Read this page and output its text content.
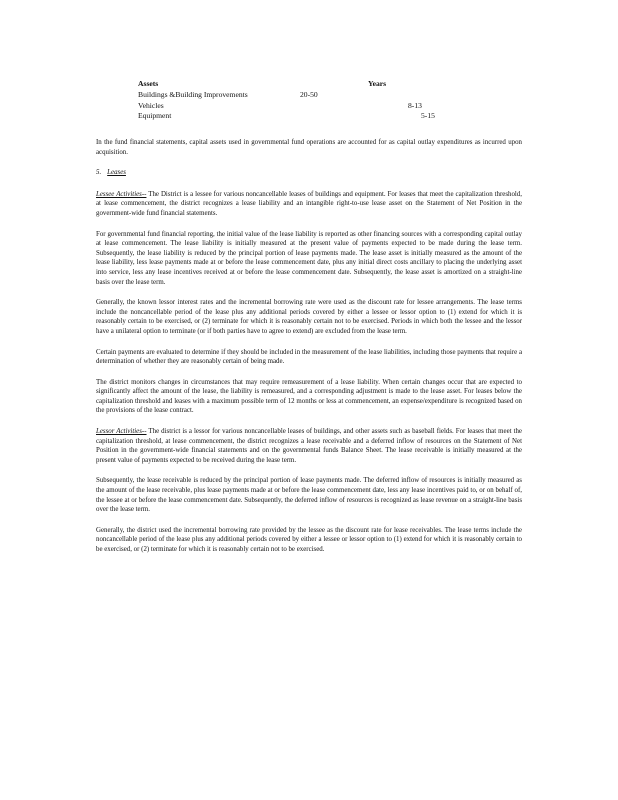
Assets	Years
Buildings &Building Improvements	20-50
Vehicles	8-13
Equipment	5-15

In the fund financial statements, capital assets used in governmental fund operations are accounted for as capital outlay expenditures as incurred upon acquisition.

5. Leases

Lessee Activities-- The District is a lessee for various noncancellable leases of buildings and equipment. For leases that meet the capitalization threshold, at lease commencement, the district recognizes a lease liability and an intangible right-to-use lease asset on the Statement of Net Position in the government-wide fund financial statements.

For governmental fund financial reporting, the initial value of the lease liability is reported as other financing sources with a corresponding capital outlay at lease commencement. The lease liability is initially measured at the present value of payments expected to be made during the lease term. Subsequently, the lease liability is reduced by the principal portion of lease payments made. The lease asset is initially measured as the amount of the lease liability, less lease payments made at or before the lease commencement date, plus any initial direct costs ancillary to placing the underlying asset into service, less any lease incentives received at or before the lease commencement date. Subsequently, the lease asset is amortized on a straight-line basis over the lease term.

Generally, the known lessor interest rates and the incremental borrowing rate were used as the discount rate for lessee arrangements. The lease terms include the noncancellable period of the lease plus any additional periods covered by either a lessee or lessor option to (1) extend for which it is reasonably certain to be exercised, or (2) terminate for which it is reasonably certain not to be exercised. Periods in which both the lessee and the lessor have a unilateral option to terminate (or if both parties have to agree to extend) are excluded from the lease term.

Certain payments are evaluated to determine if they should be included in the measurement of the lease liabilities, including those payments that require a determination of whether they are reasonably certain of being made.

The district monitors changes in circumstances that may require remeasurement of a lease liability. When certain changes occur that are expected to significantly affect the amount of the lease, the liability is remeasured, and a corresponding adjustment is made to the lease asset. For leases below the capitalization threshold and leases with a maximum possible term of 12 months or less at commencement, an expense/expenditure is recognized based on the provisions of the lease contract.

Lessor Activities-- The district is a lessor for various noncancellable leases of buildings, and other assets such as baseball fields. For leases that meet the capitalization threshold, at lease commencement, the district recognizes a lease receivable and a deferred inflow of resources on the Statement of Net Position in the government-wide financial statements and on the governmental funds Balance Sheet. The lease receivable is initially measured at the present value of payments expected to be received during the lease term.

Subsequently, the lease receivable is reduced by the principal portion of lease payments made. The deferred inflow of resources is initially measured as the amount of the lease receivable, plus lease payments made at or before the lease commencement date, less any lease incentives paid to, or on behalf of, the lessee at or before the lease commencement date. Subsequently, the deferred inflow of resources is recognized as lease revenue on a straight-line basis over the lease term.

Generally, the district used the incremental borrowing rate provided by the lessee as the discount rate for lease receivables. The lease terms include the noncancellable period of the lease plus any additional periods covered by either a lessee or lessor option to (1) extend for which it is reasonably certain to be exercised, or (2) terminate for which it is reasonably certain not to be exercised.
